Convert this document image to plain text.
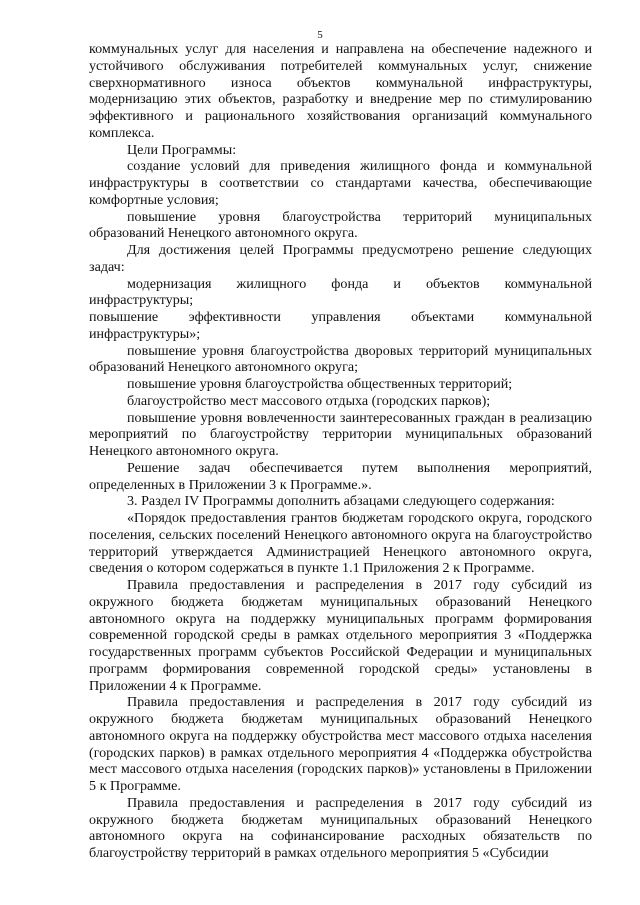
5

коммунальных услуг для населения и направлена на обеспечение надежного и устойчивого обслуживания потребителей коммунальных услуг, снижение сверхнормативного износа объектов коммунальной инфраструктуры, модернизацию этих объектов, разработку и внедрение мер по стимулированию эффективного и рационального хозяйствования организаций коммунального комплекса.

Цели Программы:

создание условий для приведения жилищного фонда и коммунальной инфраструктуры в соответствии со стандартами качества, обеспечивающие комфортные условия;

повышение уровня благоустройства территорий муниципальных образований Ненецкого автономного округа.

Для достижения целей Программы предусмотрено решение следующих задач:

модернизация жилищного фонда и объектов коммунальной инфраструктуры;

повышение эффективности управления объектами коммунальной инфраструктуры»;

повышение уровня благоустройства дворовых территорий муниципальных образований Ненецкого автономного округа;

повышение уровня благоустройства общественных территорий;

благоустройство мест массового отдыха (городских парков);

повышение уровня вовлеченности заинтересованных граждан в реализацию мероприятий по благоустройству территории муниципальных образований Ненецкого автономного округа.

Решение задач обеспечивается путем выполнения мероприятий, определенных в Приложении 3 к Программе.».

3. Раздел IV Программы дополнить абзацами следующего содержания:

«Порядок предоставления грантов бюджетам городского округа, городского поселения, сельских поселений Ненецкого автономного округа на благоустройство территорий утверждается Администрацией Ненецкого автономного округа, сведения о котором содержаться в пункте 1.1 Приложения 2 к Программе.

Правила предоставления и распределения в 2017 году субсидий из окружного бюджета бюджетам муниципальных образований Ненецкого автономного округа на поддержку муниципальных программ формирования современной городской среды в рамках отдельного мероприятия 3 «Поддержка государственных программ субъектов Российской Федерации и муниципальных программ формирования современной городской среды» установлены в Приложении 4 к Программе.

Правила предоставления и распределения в 2017 году субсидий из окружного бюджета бюджетам муниципальных образований Ненецкого автономного округа на поддержку обустройства мест массового отдыха населения (городских парков) в рамках отдельного мероприятия 4 «Поддержка обустройства мест массового отдыха населения (городских парков)» установлены в Приложении 5 к Программе.

Правила предоставления и распределения в 2017 году субсидий из окружного бюджета бюджетам муниципальных образований Ненецкого автономного округа на софинансирование расходных обязательств по благоустройству территорий в рамках отдельного мероприятия 5 «Субсидии
